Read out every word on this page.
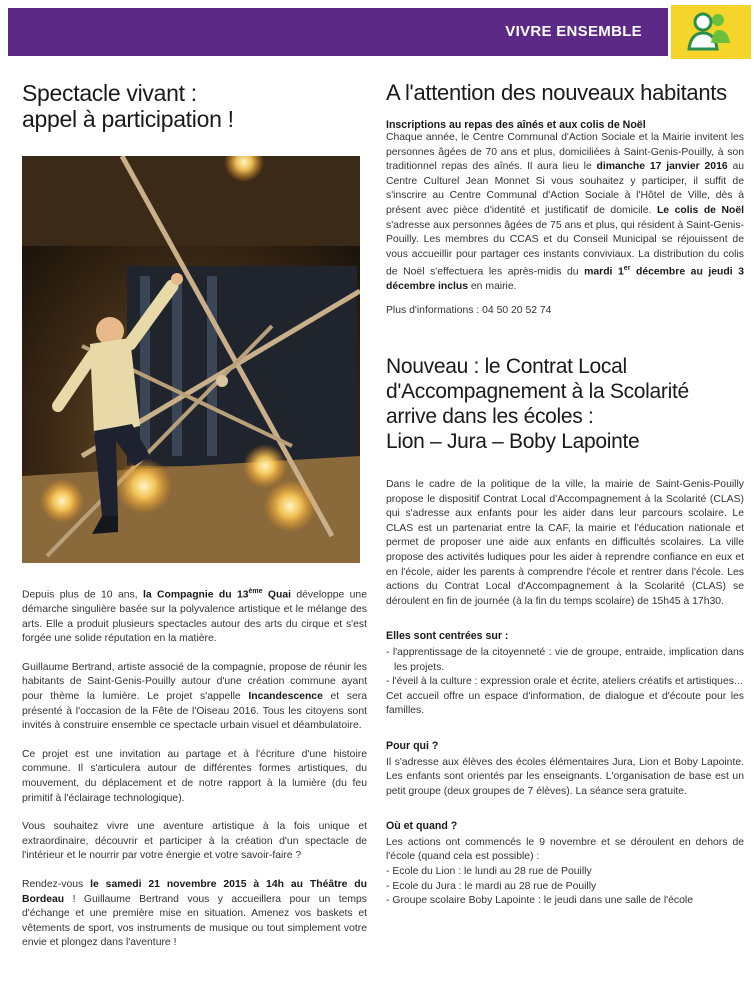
VIVRE ENSEMBLE
Spectacle vivant :
appel à participation !

Depuis plus de 10 ans, la Compagnie du 13ème Quai développe une démarche singulière basée sur la polyvalence artistique et le mélange des arts. Elle a produit plusieurs spectacles autour des arts du cirque et s'est forgée une solide réputation en la matière.

Guillaume Bertrand, artiste associé de la compagnie, propose de réunir les habitants de Saint-Genis-Pouilly autour d'une création commune ayant pour thème la lumière. Le projet s'appelle Incandescence et sera présenté à l'occasion de la Fête de l'Oiseau 2016. Tous les citoyens sont invités à construire ensemble ce spectacle urbain visuel et déambulatoire.

Ce projet est une invitation au partage et à l'écriture d'une histoire commune. Il s'articulera autour de différentes formes artistiques, du mouvement, du déplacement et de notre rapport à la lumière (du feu primitif à l'éclairage technologique).

Vous souhaitez vivre une aventure artistique à la fois unique et extraordinaire, découvrir et participer à la création d'un spectacle de l'intérieur et le nourrir par votre énergie et votre savoir-faire ?

Rendez-vous le samedi 21 novembre 2015 à 14h au Théâtre du Bordeau ! Guillaume Bertrand vous y accueillera pour un temps d'échange et une première mise en situation. Amenez vos baskets et vêtements de sport, vos instruments de musique ou tout simplement votre envie et plongez dans l'aventure !

A l'attention des nouveaux habitants
Inscriptions au repas des aînés et aux colis de Noël

Chaque année, le Centre Communal d'Action Sociale et la Mairie invitent les personnes âgées de 70 ans et plus, domiciliées à Saint-Genis-Pouilly, à son traditionnel repas des aînés. Il aura lieu le dimanche 17 janvier 2016 au Centre Culturel Jean Monnet Si vous souhaitez y participer, il suffit de s'inscrire au Centre Communal d'Action Sociale à l'Hôtel de Ville, dès à présent avec pièce d'identité et justificatif de domicile. Le colis de Noël s'adresse aux personnes âgées de 75 ans et plus, qui résident à Saint-Genis-Pouilly. Les membres du CCAS et du Conseil Municipal se réjouissent de vous accueillir pour partager ces instants conviviaux. La distribution du colis de Noël s'effectuera les après-midis du mardi 1er décembre au jeudi 3 décembre inclus en mairie.

Plus d'informations : 04 50 20 52 74
Nouveau : le Contrat Local
d'Accompagnement à la Scolarité
arrive dans les écoles :
Lion – Jura – Boby Lapointe

Dans le cadre de la politique de la ville, la mairie de Saint-Genis-Pouilly propose le dispositif Contrat Local d'Accompagnement à la Scolarité (CLAS) qui s'adresse aux enfants pour les aider dans leur parcours scolaire. Le CLAS est un partenariat entre la CAF, la mairie et l'éducation nationale et permet de proposer une aide aux enfants en difficultés scolaires. La ville propose des activités ludiques pour les aider à reprendre confiance en eux et en l'école, aider les parents à comprendre l'école et rentrer dans l'école. Les actions du Contrat Local d'Accompagnement à la Scolarité (CLAS) se déroulent en fin de journée (à la fin du temps scolaire) de 15h45 à 17h30.

Elles sont centrées sur :
- l'apprentissage de la citoyenneté : vie de groupe, entraide, implication dans les projets.
- l'éveil à la culture : expression orale et écrite, ateliers créatifs et artistiques...

Cet accueil offre un espace d'information, de dialogue et d'écoute pour les familles.

Pour qui ?

Il s'adresse aux élèves des écoles élémentaires Jura, Lion et Boby Lapointe. Les enfants sont orientés par les enseignants. L'organisation de base est un petit groupe (deux groupes de 7 élèves). La séance sera gratuite.

Où et quand ?

Les actions ont commencés le 9 novembre et se déroulent en dehors de l'école (quand cela est possible) :

- Ecole du Lion : le lundi au 28 rue de Pouilly
- Ecole du Jura : le mardi au 28 rue de Pouilly
- Groupe scolaire Boby Lapointe : le jeudi dans une salle de l'école
